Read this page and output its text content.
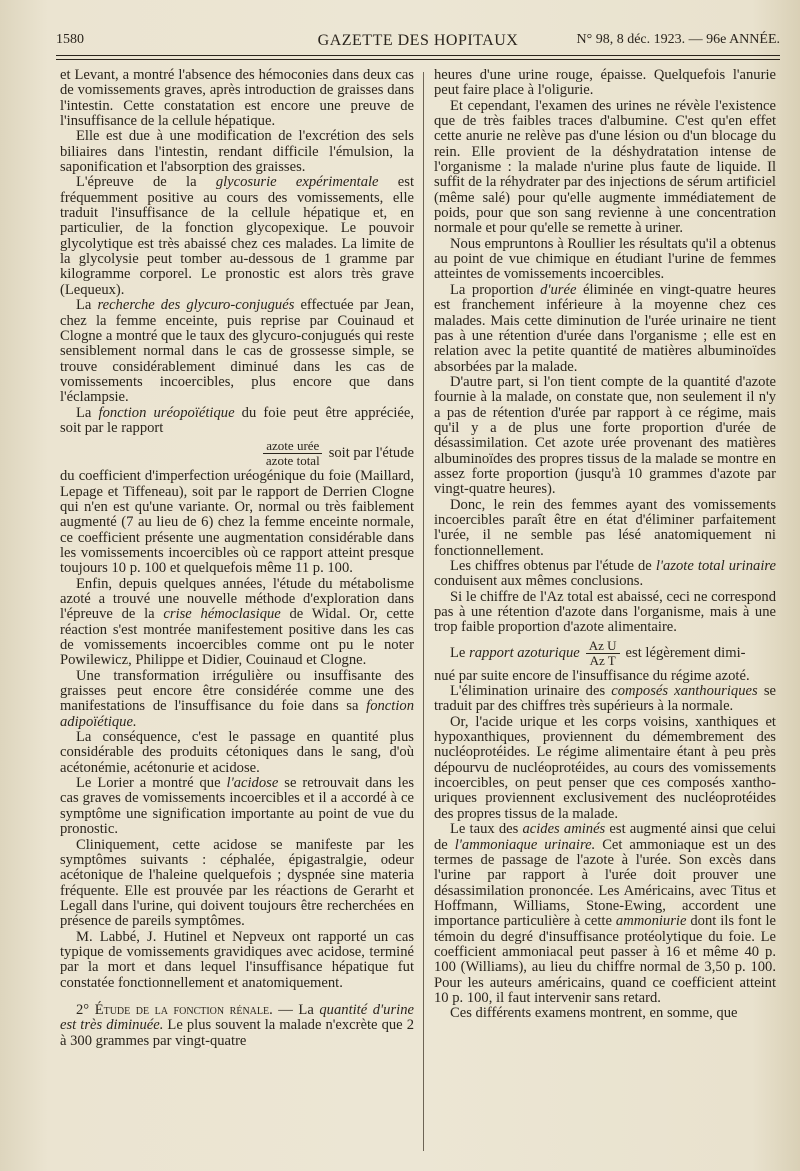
1580	GAZETTE DES HOPITAUX	N° 98, 8 déc. 1923. — 96e ANNÉE.

et Levant, a montré l'absence des hémoconies dans deux cas de vomissements graves, après introduction de graisses dans l'intestin. Cette constatation est encore une preuve de l'insuffisance de la cellule hépatique.

Elle est due à une modification de l'excrétion des sels biliaires dans l'intestin, rendant difficile l'émulsion, la saponification et l'absorption des graisses.

L'épreuve de la glycosurie expérimentale est fréquemment positive au cours des vomissements, elle traduit l'insuffisance de la cellule hépatique et, en particulier, de la fonction glycopexique. Le pouvoir glycolytique est très abaissé chez ces malades. La limite de la glycolysie peut tomber au-dessous de 1 gramme par kilogramme corporel. Le pronostic est alors très grave (Lequeux).

La recherche des glycuro-conjugués effectuée par Jean, chez la femme enceinte, puis reprise par Couinaud et Clogne a montré que le taux des glycuro-conjugués qui reste sensiblement normal dans le cas de grossesse simple, se trouve considérablement diminué dans les cas de vomissements incoercibles, plus encore que dans l'éclampsie.

La fonction uréopoïétique du foie peut être appréciée, soit par le rapport

$\frac{\text{azote urée}}{\text{azote total}}$ soit par l'étude

du coefficient d'imperfection uréogénique du foie (Maillard, Lepage et Tiffeneau), soit par le rapport de Derrien Clogne qui n'en est qu'une variante. Or, normal ou très faiblement augmenté (7 au lieu de 6) chez la femme enceinte normale, ce coefficient présente une augmentation considérable dans les vomissements incoercibles où ce rapport atteint presque toujours 10 p. 100 et quelquefois même 11 p. 100.

Enfin, depuis quelques années, l'étude du métabolisme azoté a trouvé une nouvelle méthode d'exploration dans l'épreuve de la crise hémoclasique de Widal. Or, cette réaction s'est montrée manifestement positive dans les cas de vomissements incoercibles comme ont pu le noter Powilewicz, Philippe et Didier, Couinaud et Clogne.

Une transformation irrégulière ou insuffisante des graisses peut encore être considérée comme une des manifestations de l'insuffisance du foie dans sa fonction adipoïétique.

La conséquence, c'est le passage en quantité plus considérable des produits cétoniques dans le sang, d'où acétonémie, acétonurie et acidose.

Le Lorier a montré que l'acidose se retrouvait dans les cas graves de vomissements incoercibles et il a accordé à ce symptôme une signification importante au point de vue du pronostic.

Cliniquement, cette acidose se manifeste par les symptômes suivants : céphalée, épigastralgie, odeur acétonique de l'haleine quelquefois ; dyspnée sine materia fréquente. Elle est prouvée par les réactions de Gerarht et Legall dans l'urine, qui doivent toujours être recherchées en présence de pareils symptômes.

M. Labbé, J. Hutinel et Nepveux ont rapporté un cas typique de vomissements gravidiques avec acidose, terminé par la mort et dans lequel l'insuffisance hépatique fut constatée fonctionnellement et anatomiquement.

2° Étude de la fonction rénale. — La quantité d'urine est très diminuée. Le plus souvent la malade n'excrète que 2 à 300 grammes par vingt-quatre

heures d'une urine rouge, épaisse. Quelquefois l'anurie peut faire place à l'oligurie.

Et cependant, l'examen des urines ne révèle l'existence que de très faibles traces d'albumine. C'est qu'en effet cette anurie ne relève pas d'une lésion ou d'un blocage du rein. Elle provient de la déshydratation intense de l'organisme : la malade n'urine plus faute de liquide. Il suffit de la réhydrater par des injections de sérum artificiel (même salé) pour qu'elle augmente immédiatement de poids, pour que son sang revienne à une concentration normale et pour qu'elle se remette à uriner.

Nous empruntons à Roullier les résultats qu'il a obtenus au point de vue chimique en étudiant l'urine de femmes atteintes de vomissements incoercibles.

La proportion d'urée éliminée en vingt-quatre heures est franchement inférieure à la moyenne chez ces malades. Mais cette diminution de l'urée urinaire ne tient pas à une rétention d'urée dans l'organisme ; elle est en relation avec la petite quantité de matières albuminoïdes absorbées par la malade.

D'autre part, si l'on tient compte de la quantité d'azote fournie à la malade, on constate que, non seulement il n'y a pas de rétention d'urée par rapport à ce régime, mais qu'il y a de plus une forte proportion d'urée de désassimilation. Cet azote urée provenant des matières albuminoïdes des propres tissus de la malade se montre en assez forte proportion (jusqu'à 10 grammes d'azote par vingt-quatre heures).

Donc, le rein des femmes ayant des vomissements incoercibles paraît être en état d'éliminer parfaitement l'urée, il ne semble pas lésé anatomiquement ni fonctionnellement.

Les chiffres obtenus par l'étude de l'azote total urinaire conduisent aux mêmes conclusions.

Si le chiffre de l'Az total est abaissé, ceci ne correspond pas à une rétention d'azote dans l'organisme, mais à une trop faible proportion d'azote alimentaire.

Le
rapport azoturique $\frac{\text{Az U}}{\text{Az T}}$ est légèrement dimi-

nué par suite encore de l'insuffisance du régime azoté.

L'élimination urinaire des composés xanthouriques se traduit par des chiffres très supérieurs à la normale.

Or, l'acide urique et les corps voisins, xanthiques et hypoxanthiques, proviennent du démembrement des nucléoprotéides. Le régime alimentaire étant à peu près dépourvu de nucléoprotéides, au cours des vomissements incoercibles, on peut penser que ces composés xantho-uriques proviennent exclusivement des nucléoprotéides des propres tissus de la malade.

Le taux des acides aminés est augmenté ainsi que celui de l'ammoniaque urinaire. Cet ammoniaque est un des termes de passage de l'azote à l'urée. Son excès dans l'urine par rapport à l'urée doit prouver une désassimilation prononcée. Les Américains, avec Titus et Hoffmann, Williams, Stone-Ewing, accordent une importance particulière à cette ammoniurie dont ils font le témoin du degré d'insuffisance protéolytique du foie. Le coefficient ammoniacal peut passer à 16 et même 40 p. 100 (Williams), au lieu du chiffre normal de 3,50 p. 100. Pour les auteurs américains, quand ce coefficient atteint 10 p. 100, il faut intervenir sans retard.

Ces différents examens montrent, en somme, que
